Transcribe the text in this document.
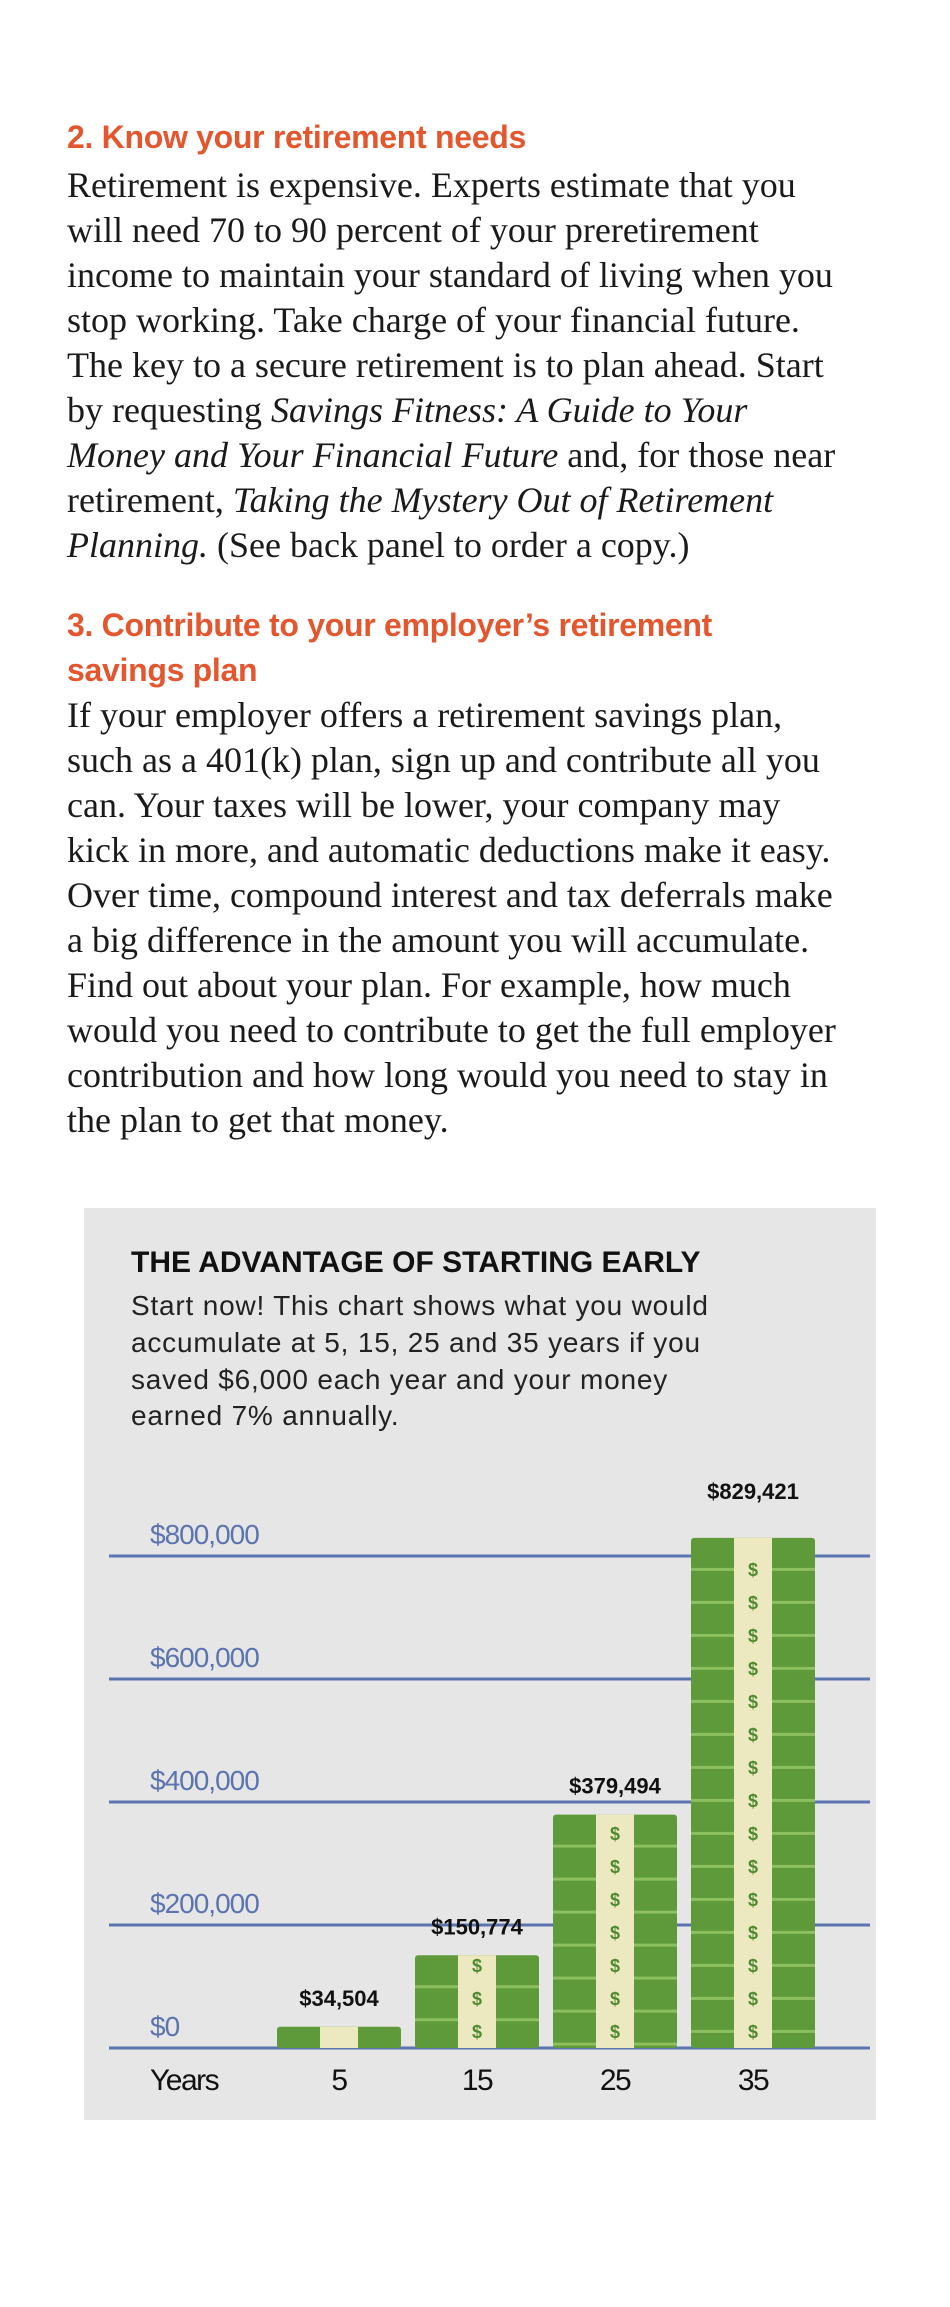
2. Know your retirement needs
Retirement is expensive. Experts estimate that you
will need 70 to 90 percent of your preretirement
income to maintain your standard of living when you
stop working. Take charge of your financial future.
The key to a secure retirement is to plan ahead. Start
by requesting Savings Fitness: A Guide to Your
Money and Your Financial Future and, for those near
retirement, Taking the Mystery Out of Retirement
Planning. (See back panel to order a copy.)
3. Contribute to your employer’s retirement
savings plan
If your employer offers a retirement savings plan,
such as a 401(k) plan, sign up and contribute all you
can. Your taxes will be lower, your company may
kick in more, and automatic deductions make it easy.
Over time, compound interest and tax deferrals make
a big difference in the amount you will accumulate.
Find out about your plan. For example, how much
would you need to contribute to get the full employer
contribution and how long would you need to stay in
the plan to get that money.
THE ADVANTAGE OF STARTING EARLY
Start now! This chart shows what you would
accumulate at 5, 15, 25 and 35 years if you
saved $6,000 each year and your money
earned 7% annually.
$
$
$
$
$
$
$
$
$
$
$
$
$
$
$
$
$
$
$
$
$
$
$
$
$
$0
$200,000
$400,000
$600,000
$800,000
Years
$34,504
5
$150,774
15
$379,494
25
$829,421
35
